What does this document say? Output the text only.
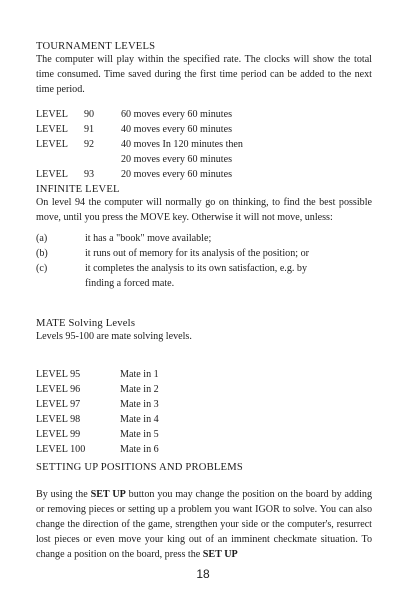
TOURNAMENT LEVELS

The computer will play within the specified rate. The clocks will show the total time consumed. Time saved during the first time period can be added to the next time period.

LEVEL	90	60 moves every 60 minutes
LEVEL	91	40 moves every 60 minutes
LEVEL	92	40 moves In 120 minutes then
20 moves every 60 minutes
LEVEL	93	20 moves every 60 minutes
INFINITE LEVEL

On level 94 the computer will normally go on thinking, to find the best possible move, until you press the MOVE key. Otherwise it will not move, unless:

(a)	it has a "book" move available;
(b)	it runs out of memory for its analysis of the position; or
(c)	it completes the analysis to its own satisfaction, e.g. by finding a forced mate.
MATE Solving Levels

Levels 95-100 are mate solving levels.

LEVEL 95	Mate in 1
LEVEL 96	Mate in 2
LEVEL 97	Mate in 3
LEVEL 98	Mate in 4
LEVEL 99	Mate in 5
LEVEL 100	Mate in 6
SETTING UP POSITIONS AND PROBLEMS

By using the SET UP button you may change the position on the board by adding or removing pieces or setting up a problem you want IGOR to solve. You can also change the direction of the game, strengthen your side or the computer's, resurrect lost pieces or even move your king out of an imminent checkmate situation. To change a position on the board, press the SET UP

18
